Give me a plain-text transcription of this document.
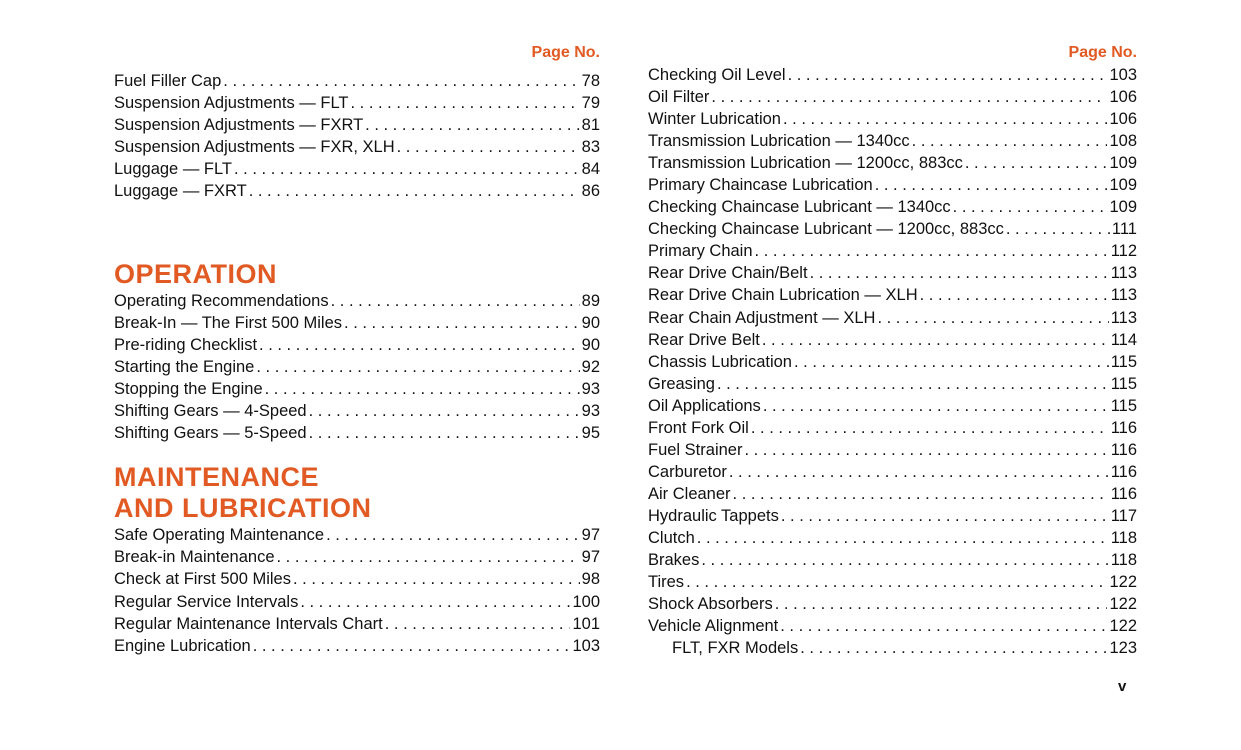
Page No.
Fuel Filler Cap . . .	78
Suspension Adjustments — FLT . . .	79
Suspension Adjustments — FXRT . . .	81
Suspension Adjustments — FXR, XLH . . .	83
Luggage — FLT . . .	84
Luggage — FXRT . . .	86
OPERATION
Operating Recommendations . . .	89
Break-In — The First 500 Miles . . .	90
Pre-riding Checklist . . .	90
Starting the Engine . . .	92
Stopping the Engine . . .	93
Shifting Gears — 4-Speed . . .	93
Shifting Gears — 5-Speed . . .	95
MAINTENANCE
AND LUBRICATION
Safe Operating Maintenance . . .	97
Break-in Maintenance . . .	97
Check at First 500 Miles . . .	98
Regular Service Intervals . . .	100
Regular Maintenance Intervals Chart . . .	101
Engine Lubrication . . .	103
Page No.
Checking Oil Level . . .	103
Oil Filter . . .	106
Winter Lubrication . . .	106
Transmission Lubrication — 1340cc . . .	108
Transmission Lubrication — 1200cc, 883cc . . .	109
Primary Chaincase Lubrication . . .	109
Checking Chaincase Lubricant — 1340cc . . .	109
Checking Chaincase Lubricant — 1200cc, 883cc . . .	111
Primary Chain . . .	112
Rear Drive Chain/Belt . . .	113
Rear Drive Chain Lubrication — XLH . . .	113
Rear Chain Adjustment — XLH . . .	113
Rear Drive Belt . . .	114
Chassis Lubrication . . .	115
Greasing . . .	115
Oil Applications . . .	115
Front Fork Oil . . .	116
Fuel Strainer . . .	116
Carburetor . . .	116
Air Cleaner . . .	116
Hydraulic Tappets . . .	117
Clutch . . .	118
Brakes . . .	118
Tires . . .	122
Shock Absorbers . . .	122
Vehicle Alignment . . .	122
FLT, FXR Models . . .	123
v
